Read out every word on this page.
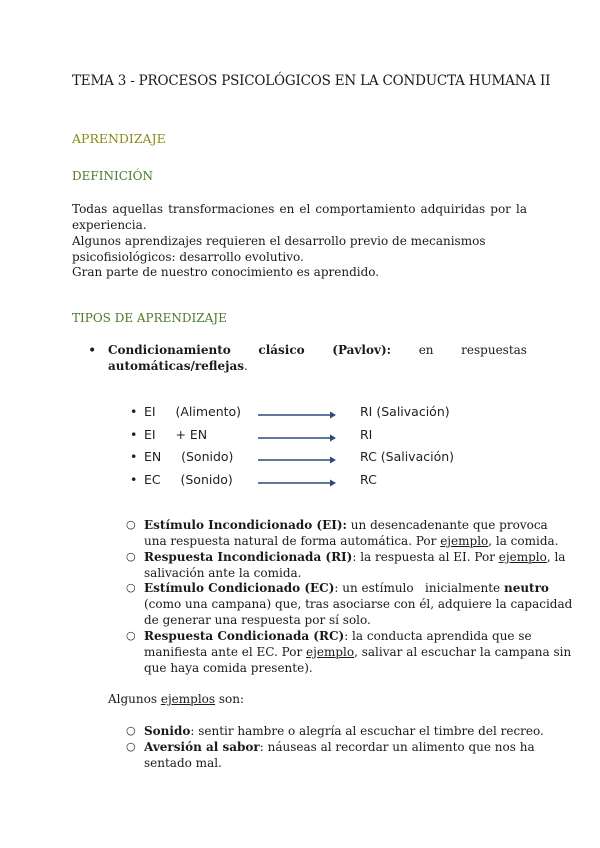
TEMA 3 - PROCESOS PSICOLÓGICOS EN LA CONDUCTA HUMANA II
APRENDIZAJE
DEFINICIÓN
Todas aquellas transformaciones en el comportamiento adquiridas por la experiencia.
Algunos aprendizajes requieren el desarrollo previo de mecanismos psicofisiológicos: desarrollo evolutivo.
Gran parte de nuestro conocimiento es aprendido.
TIPOS DE APRENDIZAJE
• Condicionamiento clásico (Pavlov): en respuestas
automáticas/reflejas.
• EI     (Alimento)	RI (Salivación)
• EI     + EN	RI
• EN     (Sonido)	RC (Salivación)
• EC     (Sonido)	RC
○ Estímulo Incondicionado (EI): un desencadenante que provoca
una respuesta natural de forma automática. Por ejemplo, la comida.
○ Respuesta Incondicionada (RI): la respuesta al EI. Por ejemplo, la
salivación ante la comida.
○ Estímulo Condicionado (EC): un estímulo   inicialmente neutro
(como una campana) que, tras asociarse con él, adquiere la capacidad
de generar una respuesta por sí solo.
○ Respuesta Condicionada (RC): la conducta aprendida que se
manifiesta ante el EC. Por ejemplo, salivar al escuchar la campana sin
que haya comida presente).
Algunos ejemplos son:
○ Sonido: sentir hambre o alegría al escuchar el timbre del recreo.
○ Aversión al sabor: náuseas al recordar un alimento que nos ha
sentado mal.
